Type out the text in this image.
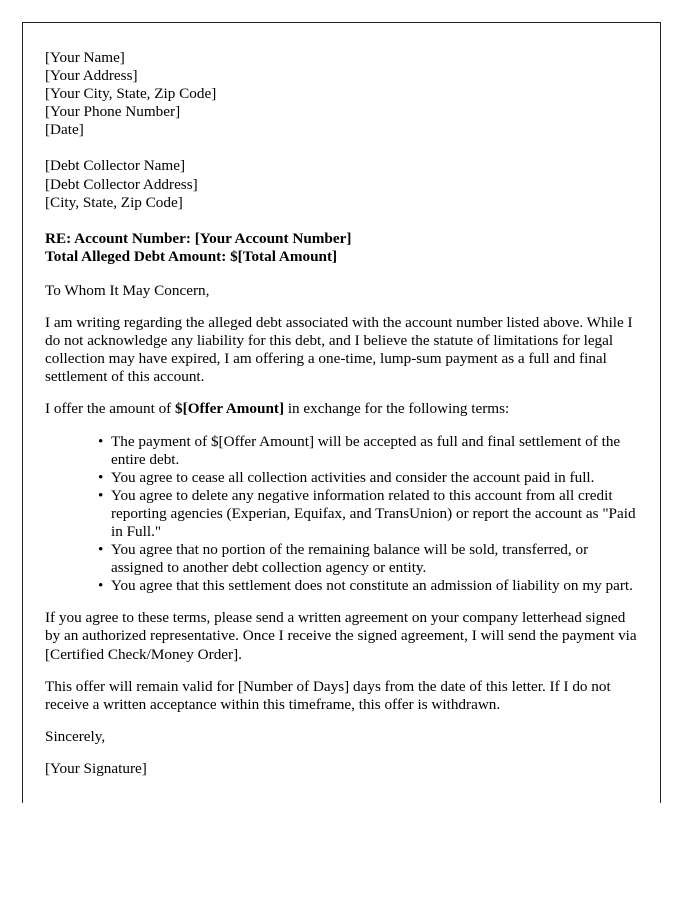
[Your Name]
[Your Address]
[Your City, State, Zip Code]
[Your Phone Number]
[Date]
[Debt Collector Name]
[Debt Collector Address]
[City, State, Zip Code]
RE: Account Number: [Your Account Number]
Total Alleged Debt Amount: $[Total Amount]

To Whom It May Concern,

I am writing regarding the alleged debt associated with the account number listed above. While I do not acknowledge any liability for this debt, and I believe the statute of limitations for legal collection may have expired, I am offering a one-time, lump-sum payment as a full and final settlement of this account.

I offer the amount of $[Offer Amount] in exchange for the following terms:

• The payment of $[Offer Amount] will be accepted as full and final settlement of the entire debt.
• You agree to cease all collection activities and consider the account paid in full.
• You agree to delete any negative information related to this account from all credit reporting agencies (Experian, Equifax, and TransUnion) or report the account as "Paid in Full."
• You agree that no portion of the remaining balance will be sold, transferred, or assigned to another debt collection agency or entity.
• You agree that this settlement does not constitute an admission of liability on my part.

If you agree to these terms, please send a written agreement on your company letterhead signed by an authorized representative. Once I receive the signed agreement, I will send the payment via [Certified Check/Money Order].

This offer will remain valid for [Number of Days] days from the date of this letter. If I do not receive a written acceptance within this timeframe, this offer is withdrawn.

Sincerely,

[Your Signature]
